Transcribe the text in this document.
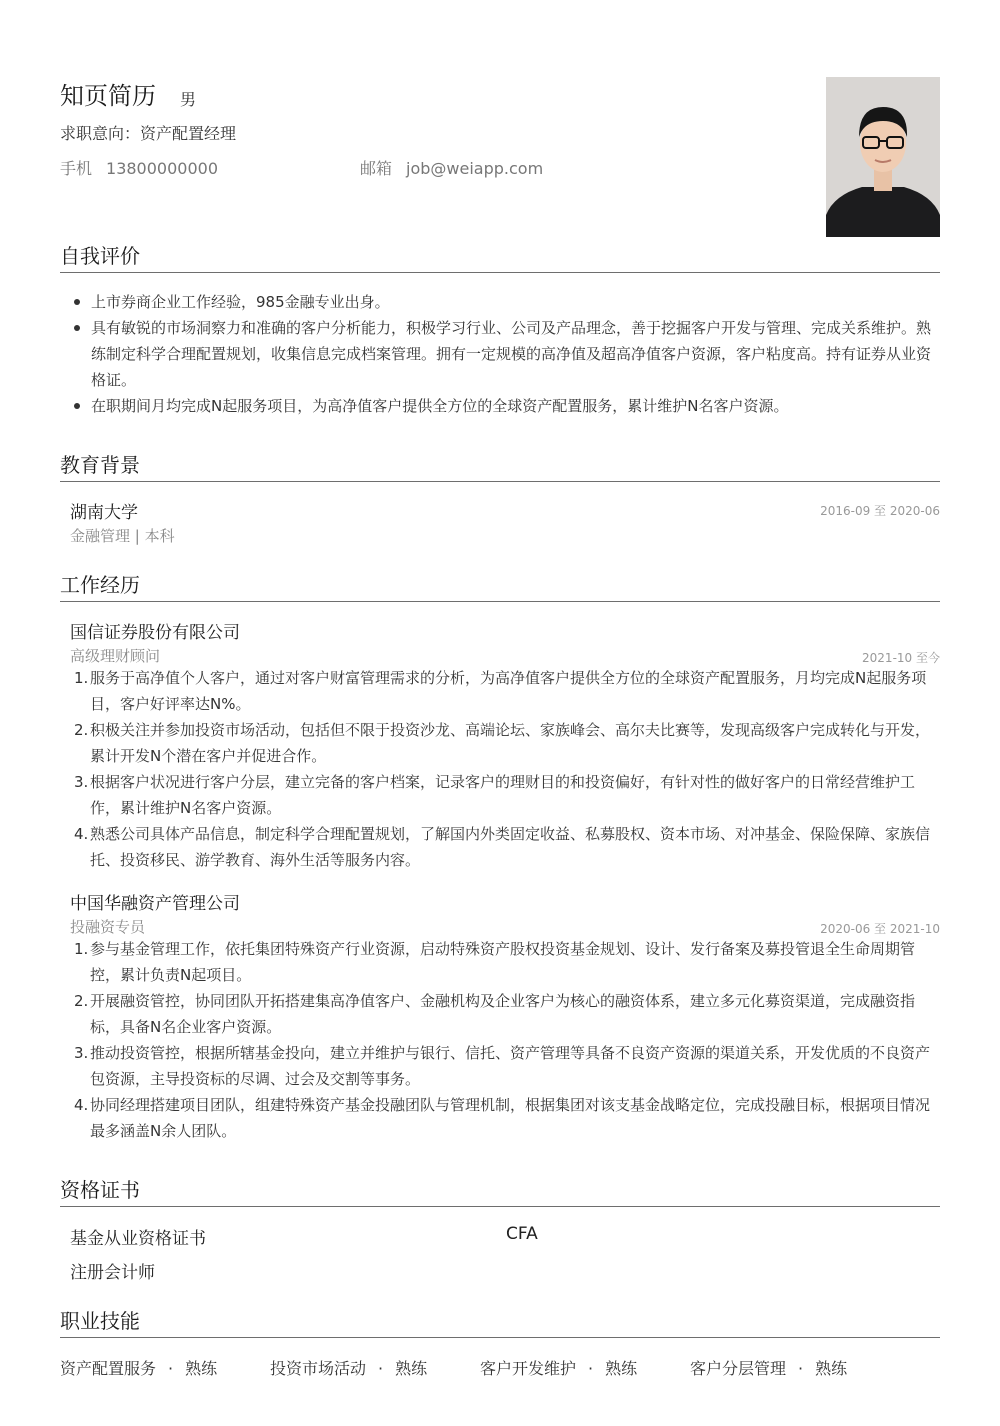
知页简历 男
求职意向：资产配置经理
手机 13800000000	邮箱 job@weiapp.com
自我评价
上市券商企业工作经验，985金融专业出身。
具有敏锐的市场洞察力和准确的客户分析能力，积极学习行业、公司及产品理念，善于挖掘客户开发与管理、完成关系维护。熟练制定科学合理配置规划，收集信息完成档案管理。拥有一定规模的高净值及超高净值客户资源，客户粘度高。持有证券从业资格证。
在职期间月均完成N起服务项目，为高净值客户提供全方位的全球资产配置服务，累计维护N名客户资源。
教育背景
湖南大学	2016-09 至 2020-06
金融管理 | 本科
工作经历
国信证券股份有限公司
高级理财顾问	2021-10 至今
1. 服务于高净值个人客户，通过对客户财富管理需求的分析，为高净值客户提供全方位的全球资产配置服务，月均完成N起服务项目，客户好评率达N%。
2. 积极关注并参加投资市场活动，包括但不限于投资沙龙、高端论坛、家族峰会、高尔夫比赛等，发现高级客户完成转化与开发，累计开发N个潜在客户并促进合作。
3. 根据客户状况进行客户分层，建立完备的客户档案，记录客户的理财目的和投资偏好，有针对性的做好客户的日常经营维护工作，累计维护N名客户资源。
4. 熟悉公司具体产品信息，制定科学合理配置规划，了解国内外类固定收益、私募股权、资本市场、对冲基金、保险保障、家族信托、投资移民、游学教育、海外生活等服务内容。
中国华融资产管理公司
投融资专员	2020-06 至 2021-10
1. 参与基金管理工作，依托集团特殊资产行业资源，启动特殊资产股权投资基金规划、设计、发行备案及募投管退全生命周期管控，累计负责N起项目。
2. 开展融资管控，协同团队开拓搭建集高净值客户、金融机构及企业客户为核心的融资体系，建立多元化募资渠道，完成融资指标，具备N名企业客户资源。
3. 推动投资管控，根据所辖基金投向，建立并维护与银行、信托、资产管理等具备不良资产资源的渠道关系，开发优质的不良资产包资源，主导投资标的尽调、过会及交割等事务。
4. 协同经理搭建项目团队，组建特殊资产基金投融团队与管理机制，根据集团对该支基金战略定位，完成投融目标，根据项目情况最多涵盖N余人团队。
资格证书
基金从业资格证书	CFA
注册会计师
职业技能
资产配置服务 · 熟练	投资市场活动 · 熟练	客户开发维护 · 熟练	客户分层管理 · 熟练
